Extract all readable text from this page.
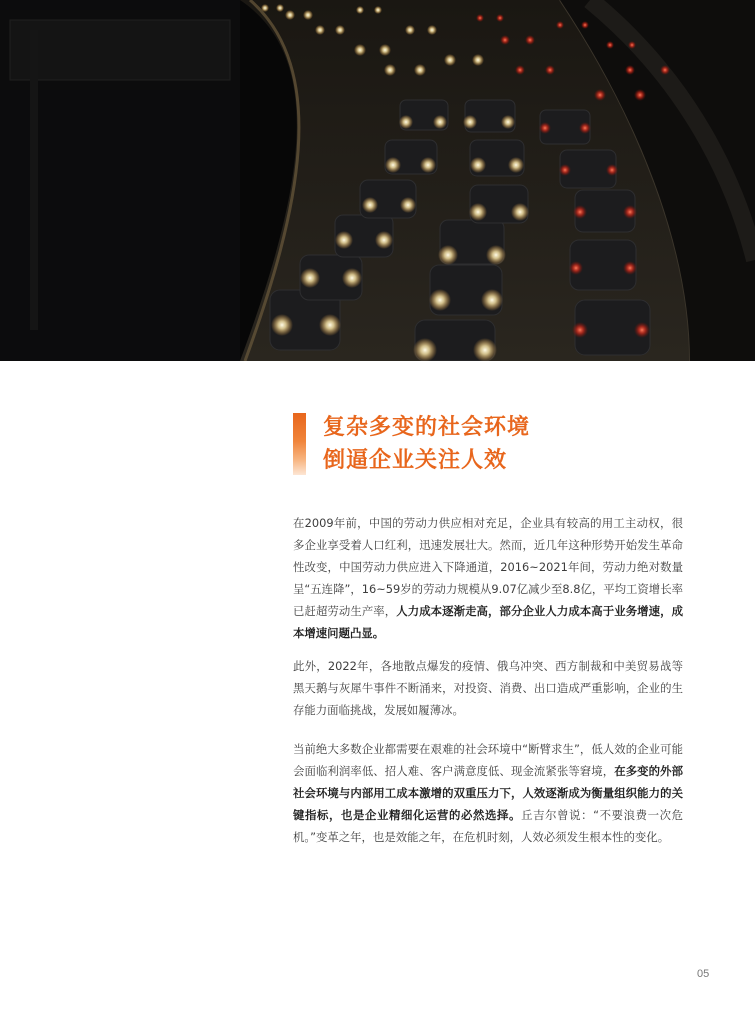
复杂多变的社会环境
倒逼企业关注人效
在2009年前，中国的劳动力供应相对充足，企业具有较高的用工主动权，很多企业享受着人口红利，迅速发展壮大。然而，近几年这种形势开始发生革命性改变，中国劳动力供应进入下降通道，2016~2021年间，劳动力绝对数量呈“五连降”，16~59岁的劳动力规模从9.07亿减少至8.8亿，平均工资增长率已赶超劳动生产率，人力成本逐渐走高，部分企业人力成本高于业务增速，成本增速问题凸显。
此外，2022年，各地散点爆发的疫情、俄乌冲突、西方制裁和中美贸易战等黑天鹅与灰犀牛事件不断涌来，对投资、消费、出口造成严重影响，企业的生存能力面临挑战，发展如履薄冰。
当前绝大多数企业都需要在艰难的社会环境中“断臂求生”，低人效的企业可能会面临利润率低、招人难、客户满意度低、现金流紧张等窘境，在多变的外部社会环境与内部用工成本激增的双重压力下，人效逐渐成为衡量组织能力的关键指标，也是企业精细化运营的必然选择。丘吉尔曾说：“不要浪费一次危机。”变革之年，也是效能之年，在危机时刻，人效必须发生根本性的变化。
05
